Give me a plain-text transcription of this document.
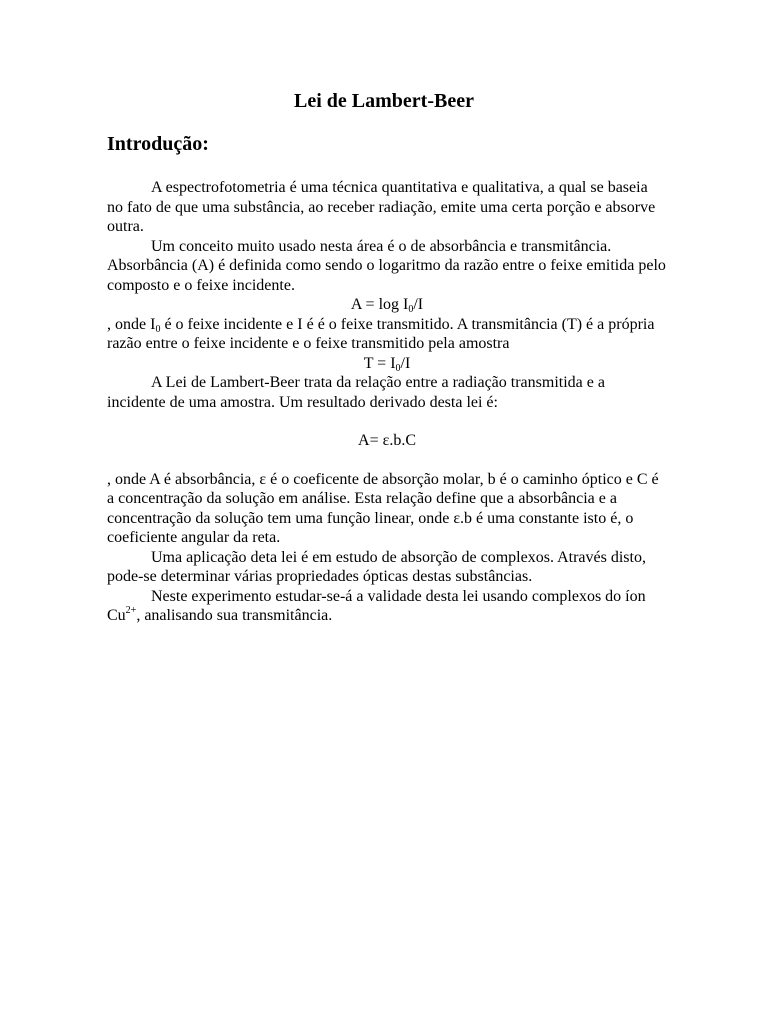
Lei de Lambert-Beer
Introdução:

A espectrofotometria é uma técnica quantitativa e qualitativa, a qual se baseia no fato de que uma substância, ao receber radiação, emite uma certa porção e absorve outra.

Um conceito muito usado nesta área é o de absorbância e transmitância. Absorbância (A) é definida como sendo o logaritmo da razão entre o feixe emitida pelo composto e o feixe incidente.

$A = \log I_0/I$

, onde $I_0$ é o feixe incidente e I é é o feixe transmitido. A transmitância (T) é a própria razão entre o feixe incidente e o feixe transmitido pela amostra

$T = I_0/I$

A Lei de Lambert-Beer trata da relação entre a radiação transmitida e a incidente de uma amostra. Um resultado derivado desta lei é:

A= ε.b.C

, onde A é absorbância, ε é o coeficente de absorção molar, b é o caminho óptico e C é a concentração da solução em análise. Esta relação define que a absorbância e a concentração da solução tem uma função linear, onde ε.b é uma constante isto é, o coeficiente angular da reta.

Uma aplicação deta lei é em estudo de absorção de complexos. Através disto, pode-se determinar várias propriedades ópticas destas substâncias.

Neste experimento estudar-se-á a validade desta lei usando complexos do íon $Cu^{2+}$, analisando sua transmitância.
